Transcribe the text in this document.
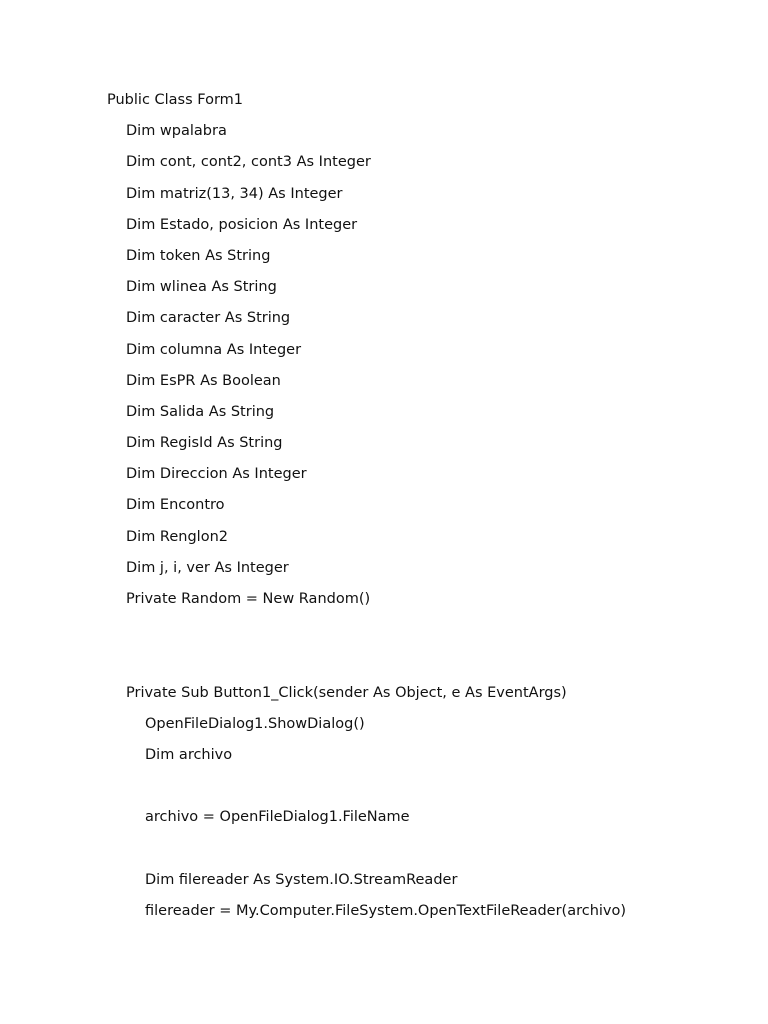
Public Class Form1
Dim wpalabra
Dim cont, cont2, cont3 As Integer
Dim matriz(13, 34) As Integer
Dim Estado, posicion As Integer
Dim token As String
Dim wlinea As String
Dim caracter As String
Dim columna As Integer
Dim EsPR As Boolean
Dim Salida As String
Dim RegisId As String
Dim Direccion As Integer
Dim Encontro
Dim Renglon2
Dim j, i, ver As Integer
Private Random = New Random()
Private Sub Button1_Click(sender As Object, e As EventArgs)
OpenFileDialog1.ShowDialog()
Dim archivo
archivo = OpenFileDialog1.FileName
Dim filereader As System.IO.StreamReader
filereader = My.Computer.FileSystem.OpenTextFileReader(archivo)
